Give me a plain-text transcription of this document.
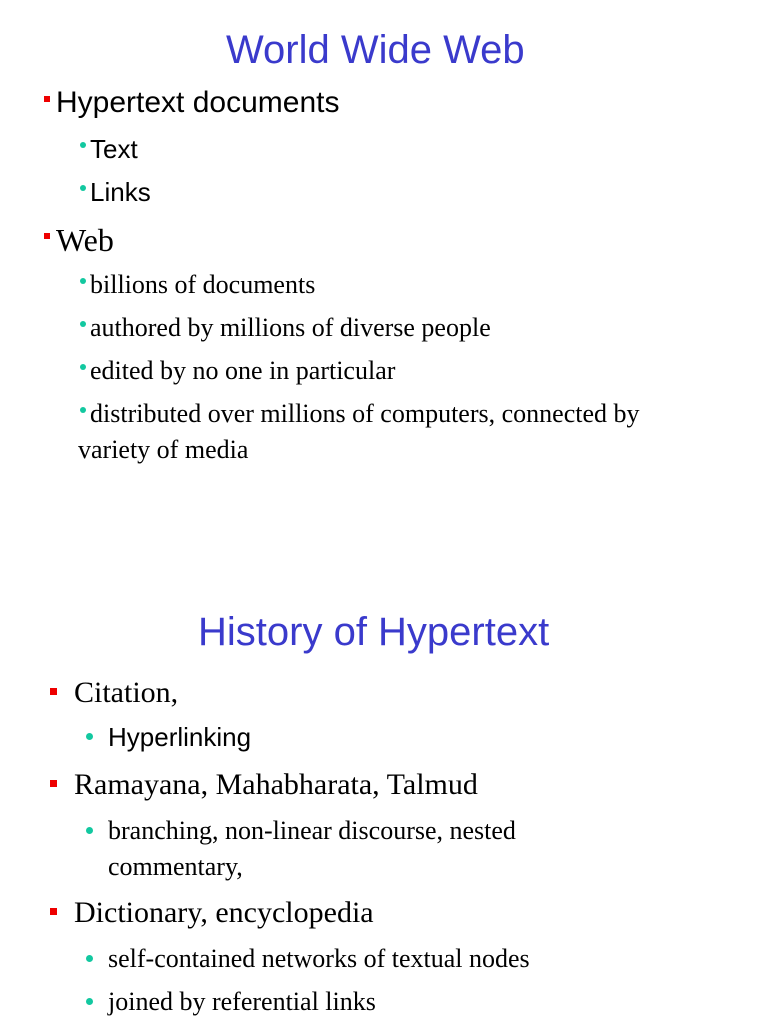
World Wide Web
Hypertext documents
Text
Links
Web
billions of documents
authored by millions of diverse people
edited by no one in particular
distributed over millions of computers, connected by
variety of media
History of Hypertext
Citation,
Hyperlinking
Ramayana, Mahabharata, Talmud
branching, non-linear discourse, nested
commentary,
Dictionary, encyclopedia
self-contained networks of textual nodes
joined by referential links
